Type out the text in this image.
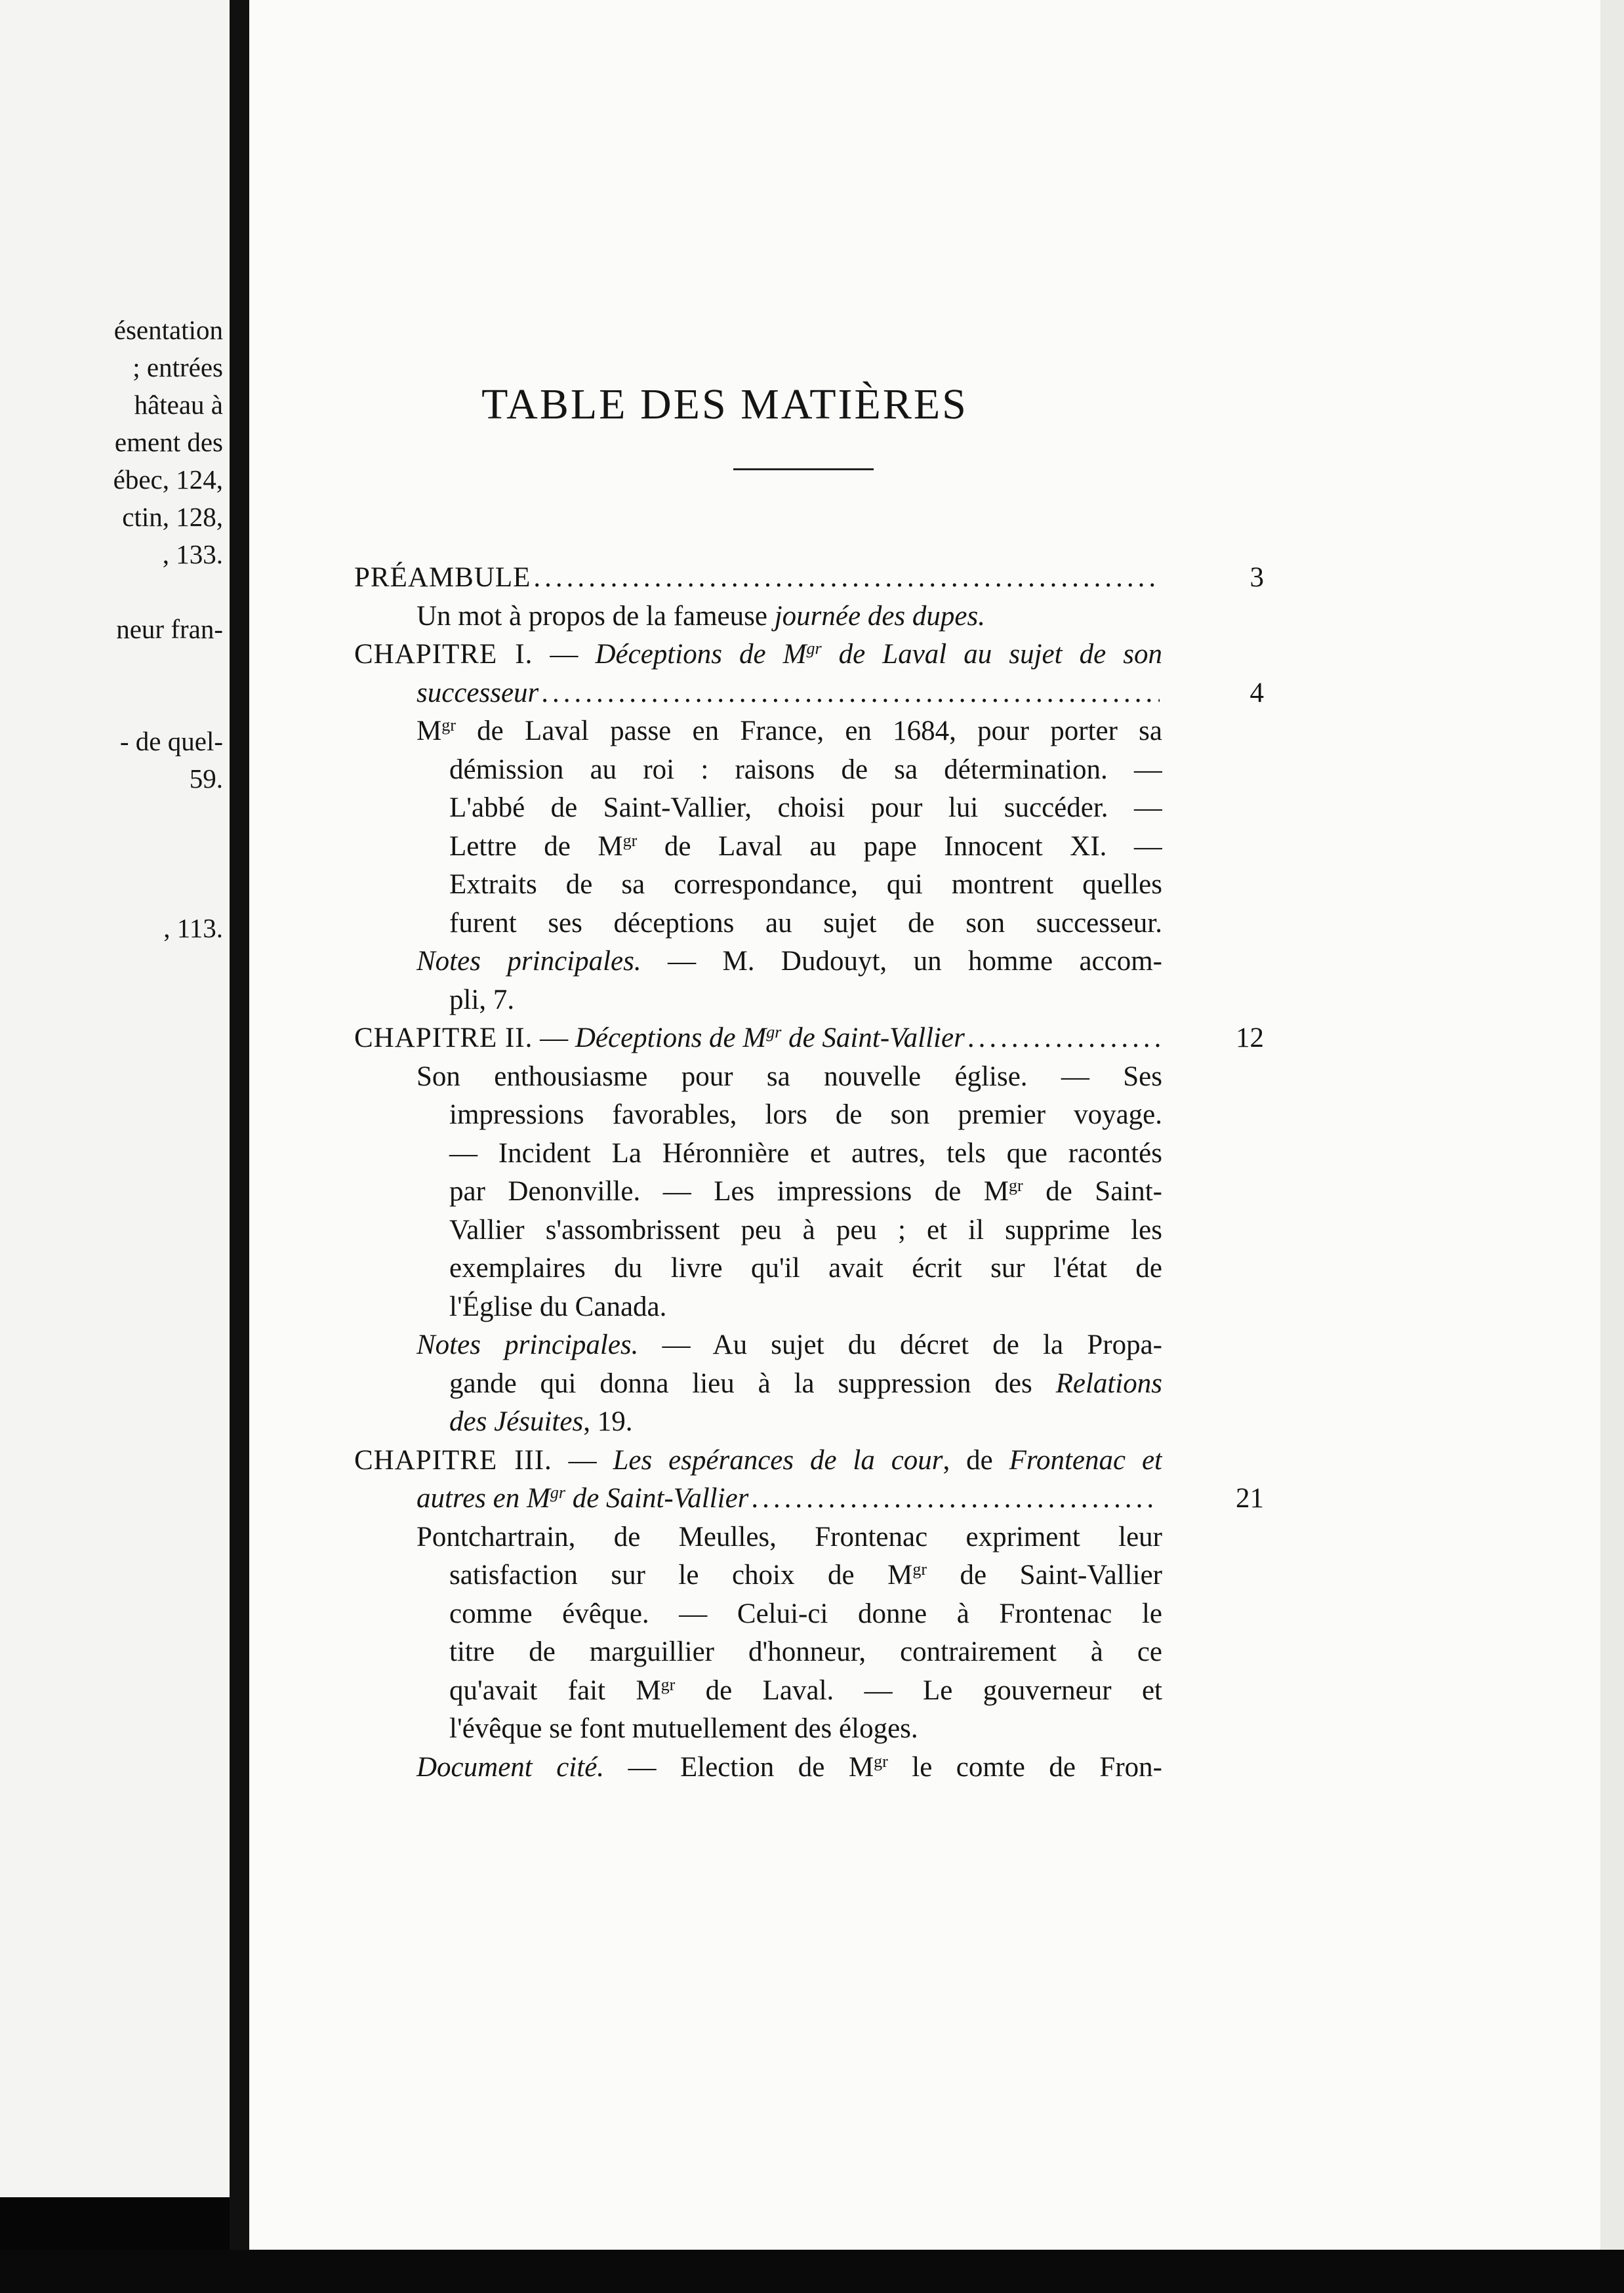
ésentation
; entrées
hâteau à
ement des
ébec, 124,
ctin, 128,
, 133.
neur fran-
- de quel-
59.
, 113.
TABLE DES MATIÈRES
PRÉAMBULE .....	3
Un mot à propos de la fameuse journée des dupes.
CHAPITRE I. — Déceptions de $M^{gr}$ de Laval au sujet de son
successeur .....	4
$M^{gr}$ de Laval passe en France, en 1684, pour porter sa
démission au roi : raisons de sa détermination. —
L'abbé de Saint-Vallier, choisi pour lui succéder. —
Lettre de $M^{gr}$ de Laval au pape Innocent XI. —
Extraits de sa correspondance, qui montrent quelles
furent ses déceptions au sujet de son successeur.
Notes principales. — M. Dudouyt, un homme accom-
pli, 7.
CHAPITRE II. — Déceptions de $M^{gr}$ de Saint-Vallier .....	12
Son enthousiasme pour sa nouvelle église. — Ses
impressions favorables, lors de son premier voyage.
— Incident La Héronnière et autres, tels que racontés
par Denonville. — Les impressions de $M^{gr}$ de Saint-
Vallier s'assombrissent peu à peu ; et il supprime les
exemplaires du livre qu'il avait écrit sur l'état de
l'Église du Canada.
Notes principales. — Au sujet du décret de la Propa-
gande qui donna lieu à la suppression des Relations
des Jésuites, 19.
CHAPITRE III. — Les espérances de la cour, de Frontenac et
autres en $M^{gr}$ de Saint-Vallier .....	21
Pontchartrain, de Meulles, Frontenac expriment leur
satisfaction sur le choix de $M^{gr}$ de Saint-Vallier
comme évêque. — Celui-ci donne à Frontenac le
titre de marguillier d'honneur, contrairement à ce
qu'avait fait $M^{gr}$ de Laval. — Le gouverneur et
l'évêque se font mutuellement des éloges.
Document cité. — Election de $M^{gr}$ le comte de Fron-
